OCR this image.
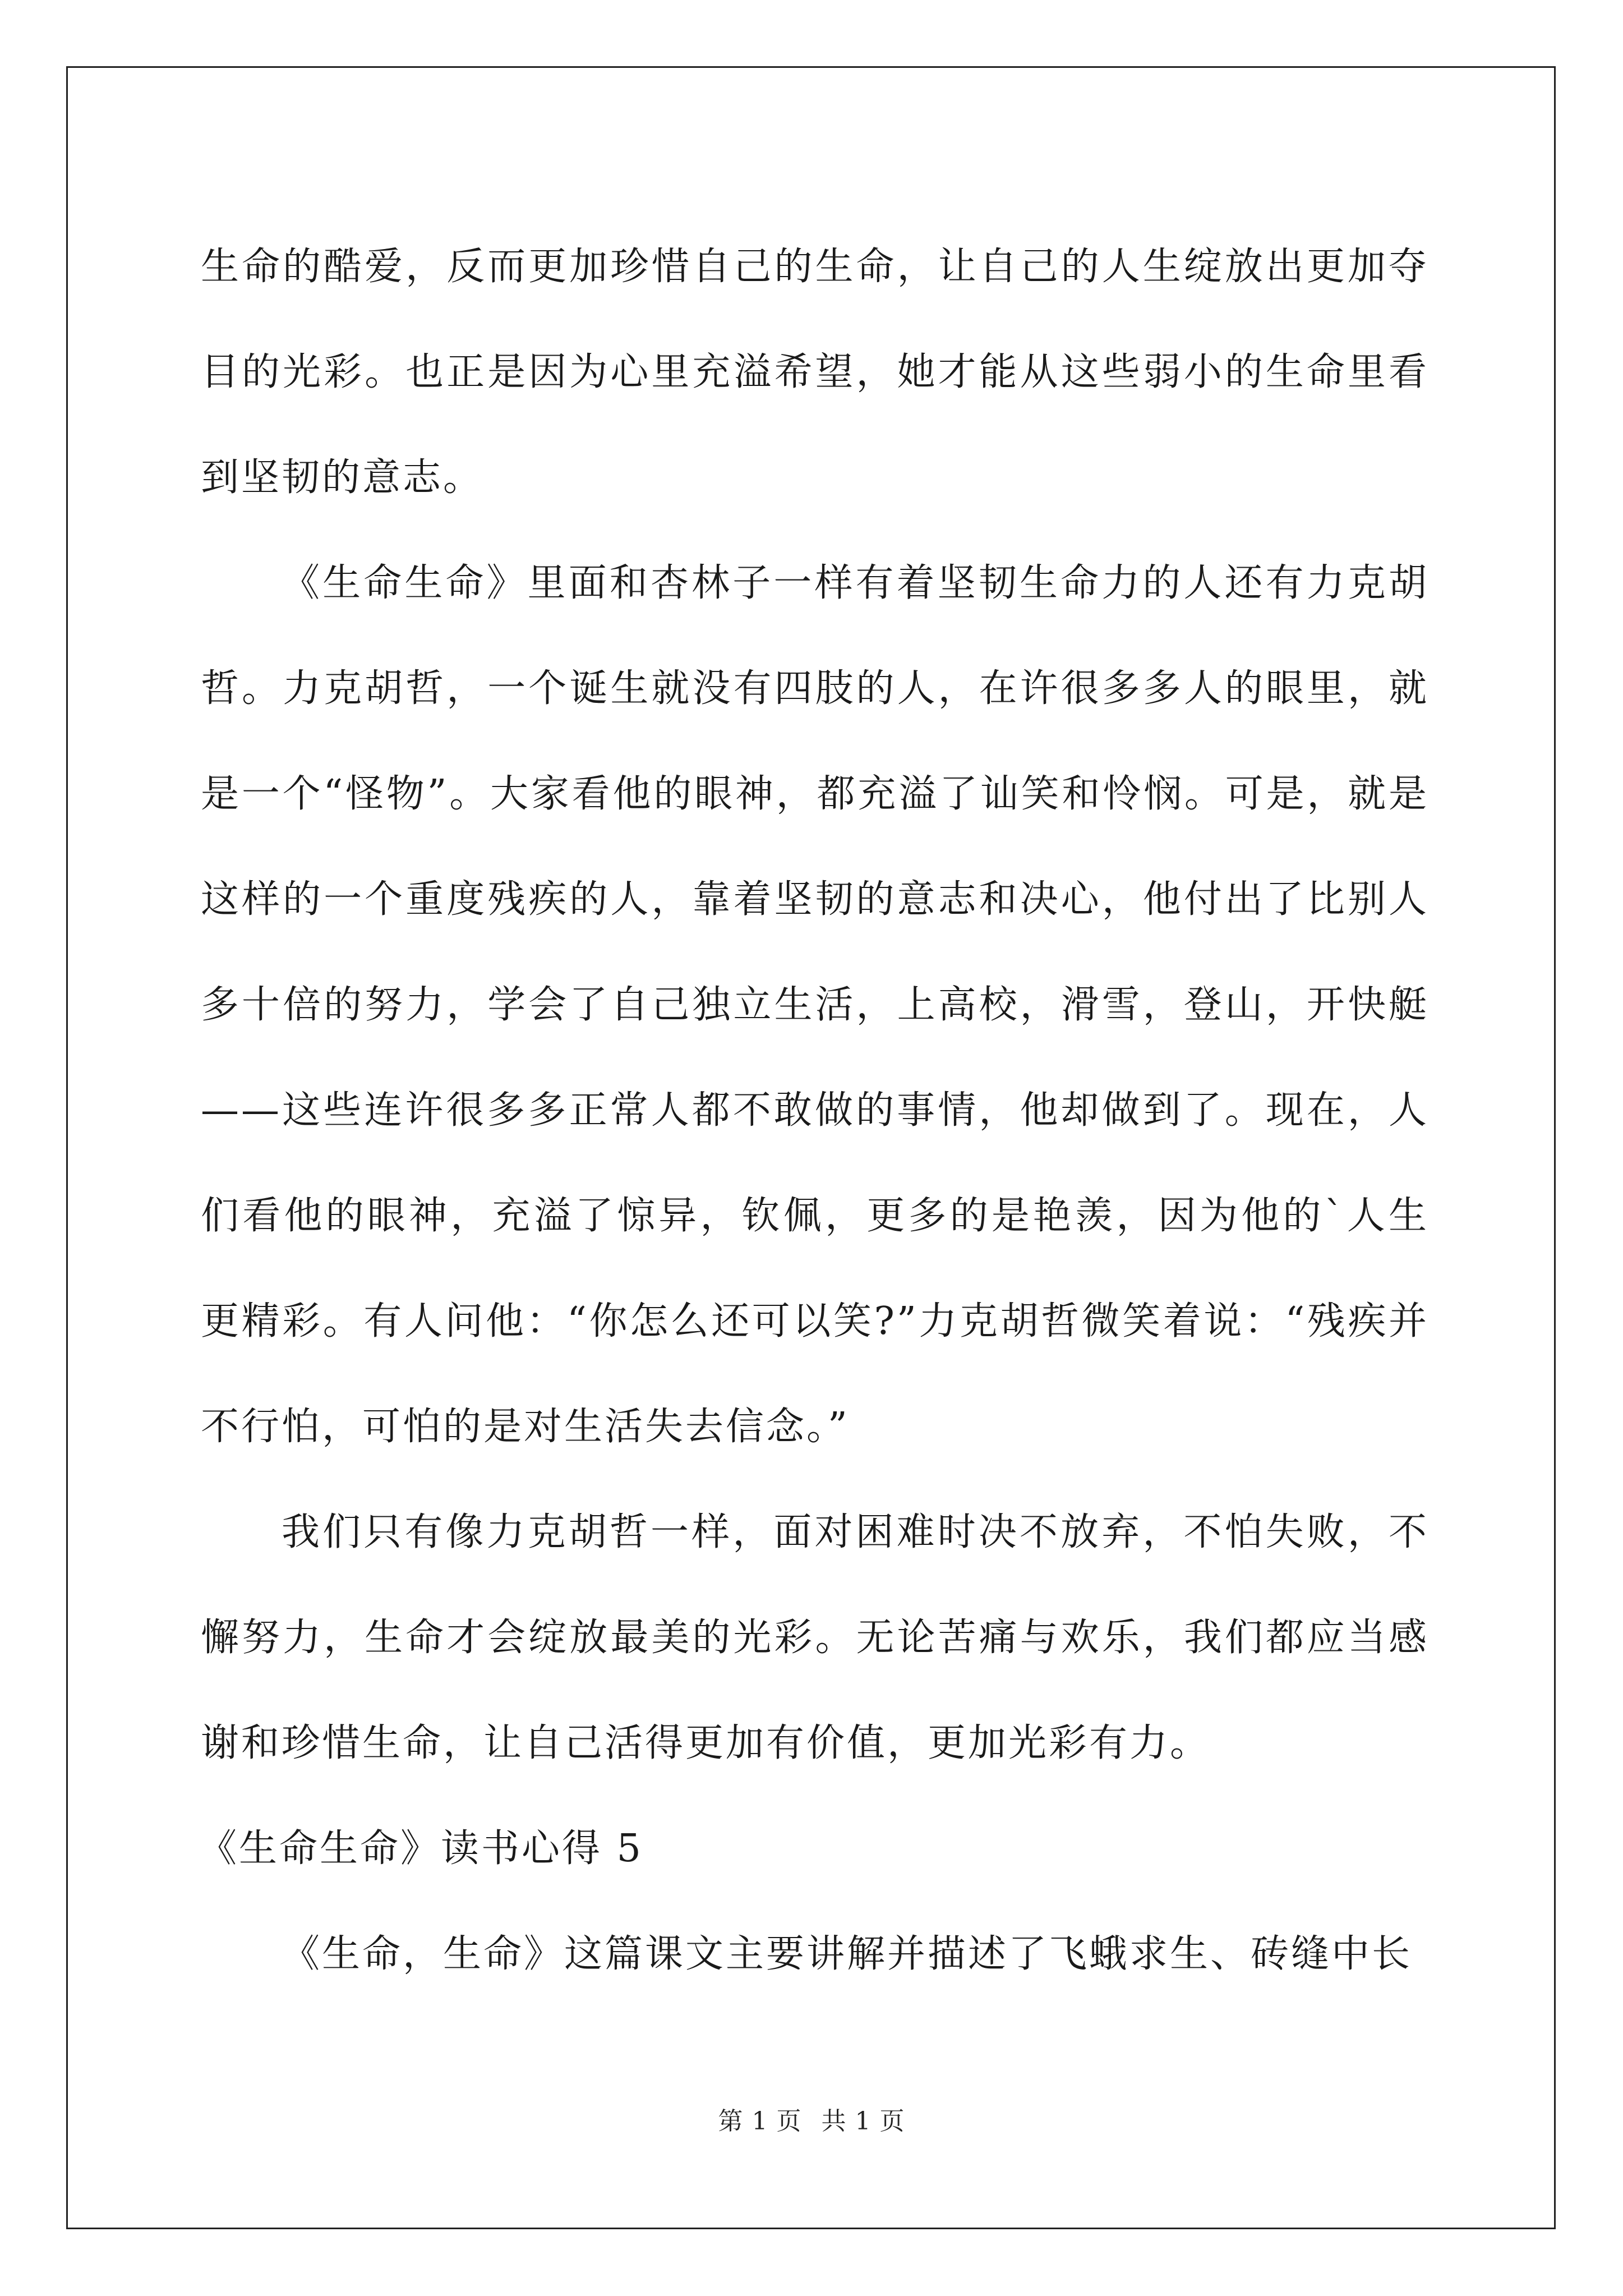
生命的酷爱，反而更加珍惜自己的生命，让自己的人生绽放出更加夺目的光彩。也正是因为心里充溢希望，她才能从这些弱小的生命里看到坚韧的意志。

《生命生命》里面和杏林子一样有着坚韧生命力的人还有力克胡哲。力克胡哲，一个诞生就没有四肢的人，在许很多多人的眼里，就是一个“怪物”。大家看他的眼神，都充溢了讪笑和怜悯。可是，就是这样的一个重度残疾的人，靠着坚韧的意志和决心，他付出了比别人多十倍的努力，学会了自己独立生活，上高校，滑雪，登山，开快艇——这些连许很多多正常人都不敢做的事情，他却做到了。现在，人们看他的眼神，充溢了惊异，钦佩，更多的是艳羡，因为他的`人生更精彩。有人问他：“你怎么还可以笑?”力克胡哲微笑着说：“残疾并不行怕，可怕的是对生活失去信念。”

我们只有像力克胡哲一样，面对困难时决不放弃，不怕失败，不懈努力，生命才会绽放最美的光彩。无论苦痛与欢乐，我们都应当感谢和珍惜生命，让自己活得更加有价值，更加光彩有力。

《生命生命》读书心得 5

《生命，生命》这篇课文主要讲解并描述了飞蛾求生、砖缝中长

第 1 页 共 1 页
